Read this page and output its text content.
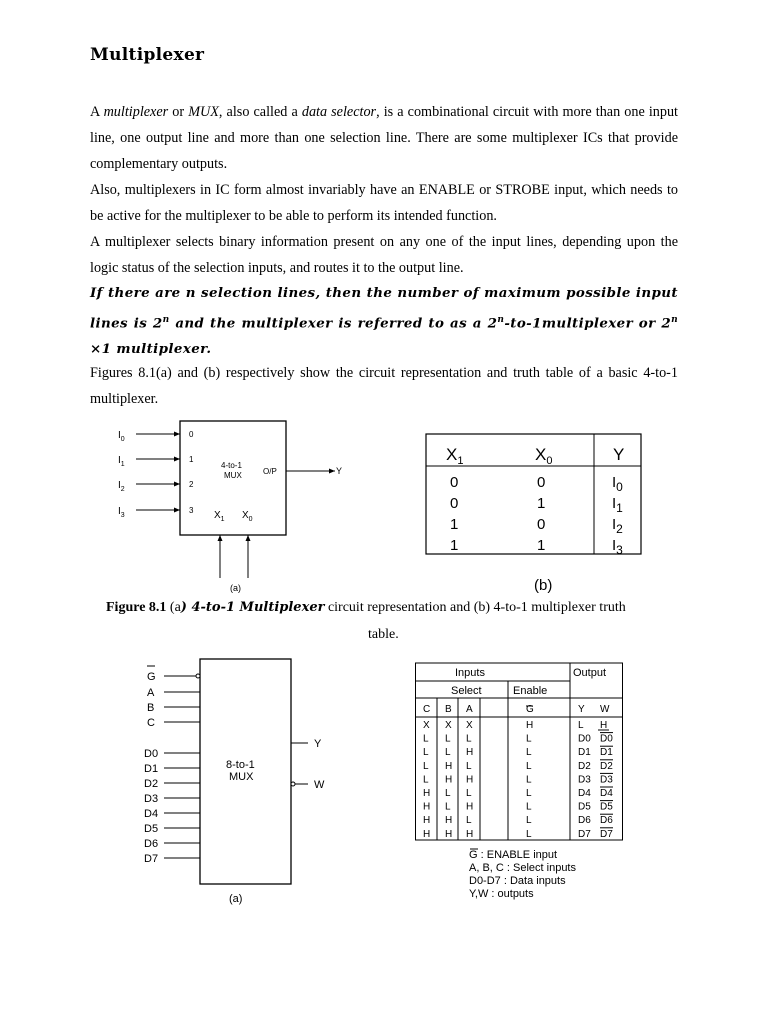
Multiplexer

A multiplexer or MUX, also called a data selector, is a combinational circuit with more than one input line, one output line and more than one selection line. There are some multiplexer ICs that provide complementary outputs.

Also, multiplexers in IC form almost invariably have an ENABLE or STROBE input, which needs to be active for the multiplexer to be able to perform its intended function.

A multiplexer selects binary information present on any one of the input lines, depending upon the logic status of the selection inputs, and routes it to the output line.

If there are n selection lines, then the number of maximum possible input lines is 2$^n$ and the multiplexer is referred to as a 2$^n$-to-1multiplexer or $2^n \times 1$ multiplexer.

Figures 8.1(a) and (b) respectively show the circuit representation and truth table of a basic 4-to-1 multiplexer.

$I_0$
$I_1$
$I_2$
$I_3$
0
1
2
3
4-to-1
MUX	O/P	Y
$X_1$ $X_0$
(a)
$X_1$	$X_0$	Y
0	0	$I_0$
0	1	$I_1$
1	0	$I_2$
1	1	$I_3$
(b)
Figure 8.1 (a) 4-to-1 Multiplexer circuit representation and (b) 4-to-1 multiplexer truth
table.
G
A
B
C
D0
D1
D2
D3
D4
D5
D6
D7
8-to-1
MUX
Y
W
(a)
Inputs	Output
Select	Enable
C B A	G	Y W
X X X	H	L H
L L L	L	D0 D0
L L H	L	D1 D1
L H L	L	D2 D2
L H H	L	D3 D3
H L L	L	D4 D4
H L H	L	D5 D5
H H L	L	D6 D6
H H H	L	D7 D7
G : ENABLE input
A, B, C : Select inputs
D0-D7 : Data inputs
Y,W : outputs
